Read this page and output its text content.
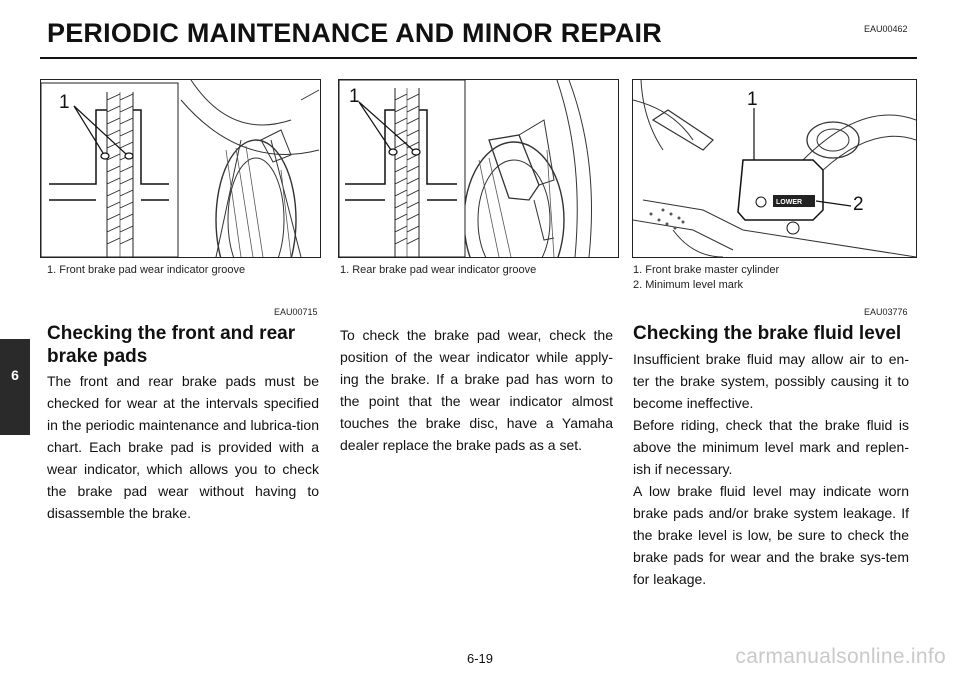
PERIODIC MAINTENANCE AND MINOR REPAIR	EAU00462
1	1
LOWER
1
2
1. Front brake pad wear indicator groove	1. Rear brake pad wear indicator groove	1. Front brake master cylinder
2. Minimum level mark
EAU00715	EAU03776
Checking the front and rear
brake pads

The front and rear brake pads must be checked for wear at the intervals specified in the periodic maintenance and lubrica-tion chart. Each brake pad is provided with a wear indicator, which allows you to check the brake pad wear without having to disassemble the brake.

To check the brake pad wear, check the position of the wear indicator while apply-ing the brake. If a brake pad has worn to the point that the wear indicator almost touches the brake disc, have a Yamaha dealer replace the brake pads as a set.

Checking the brake fluid level

Insufficient brake fluid may allow air to en-ter the brake system, possibly causing it to become ineffective.

Before riding, check that the brake fluid is above the minimum level mark and replen-ish if necessary.

A low brake fluid level may indicate worn brake pads and/or brake system leakage. If the brake level is low, be sure to check the brake pads for wear and the brake sys-tem for leakage.

6
6-19	carmanualsonline.info
